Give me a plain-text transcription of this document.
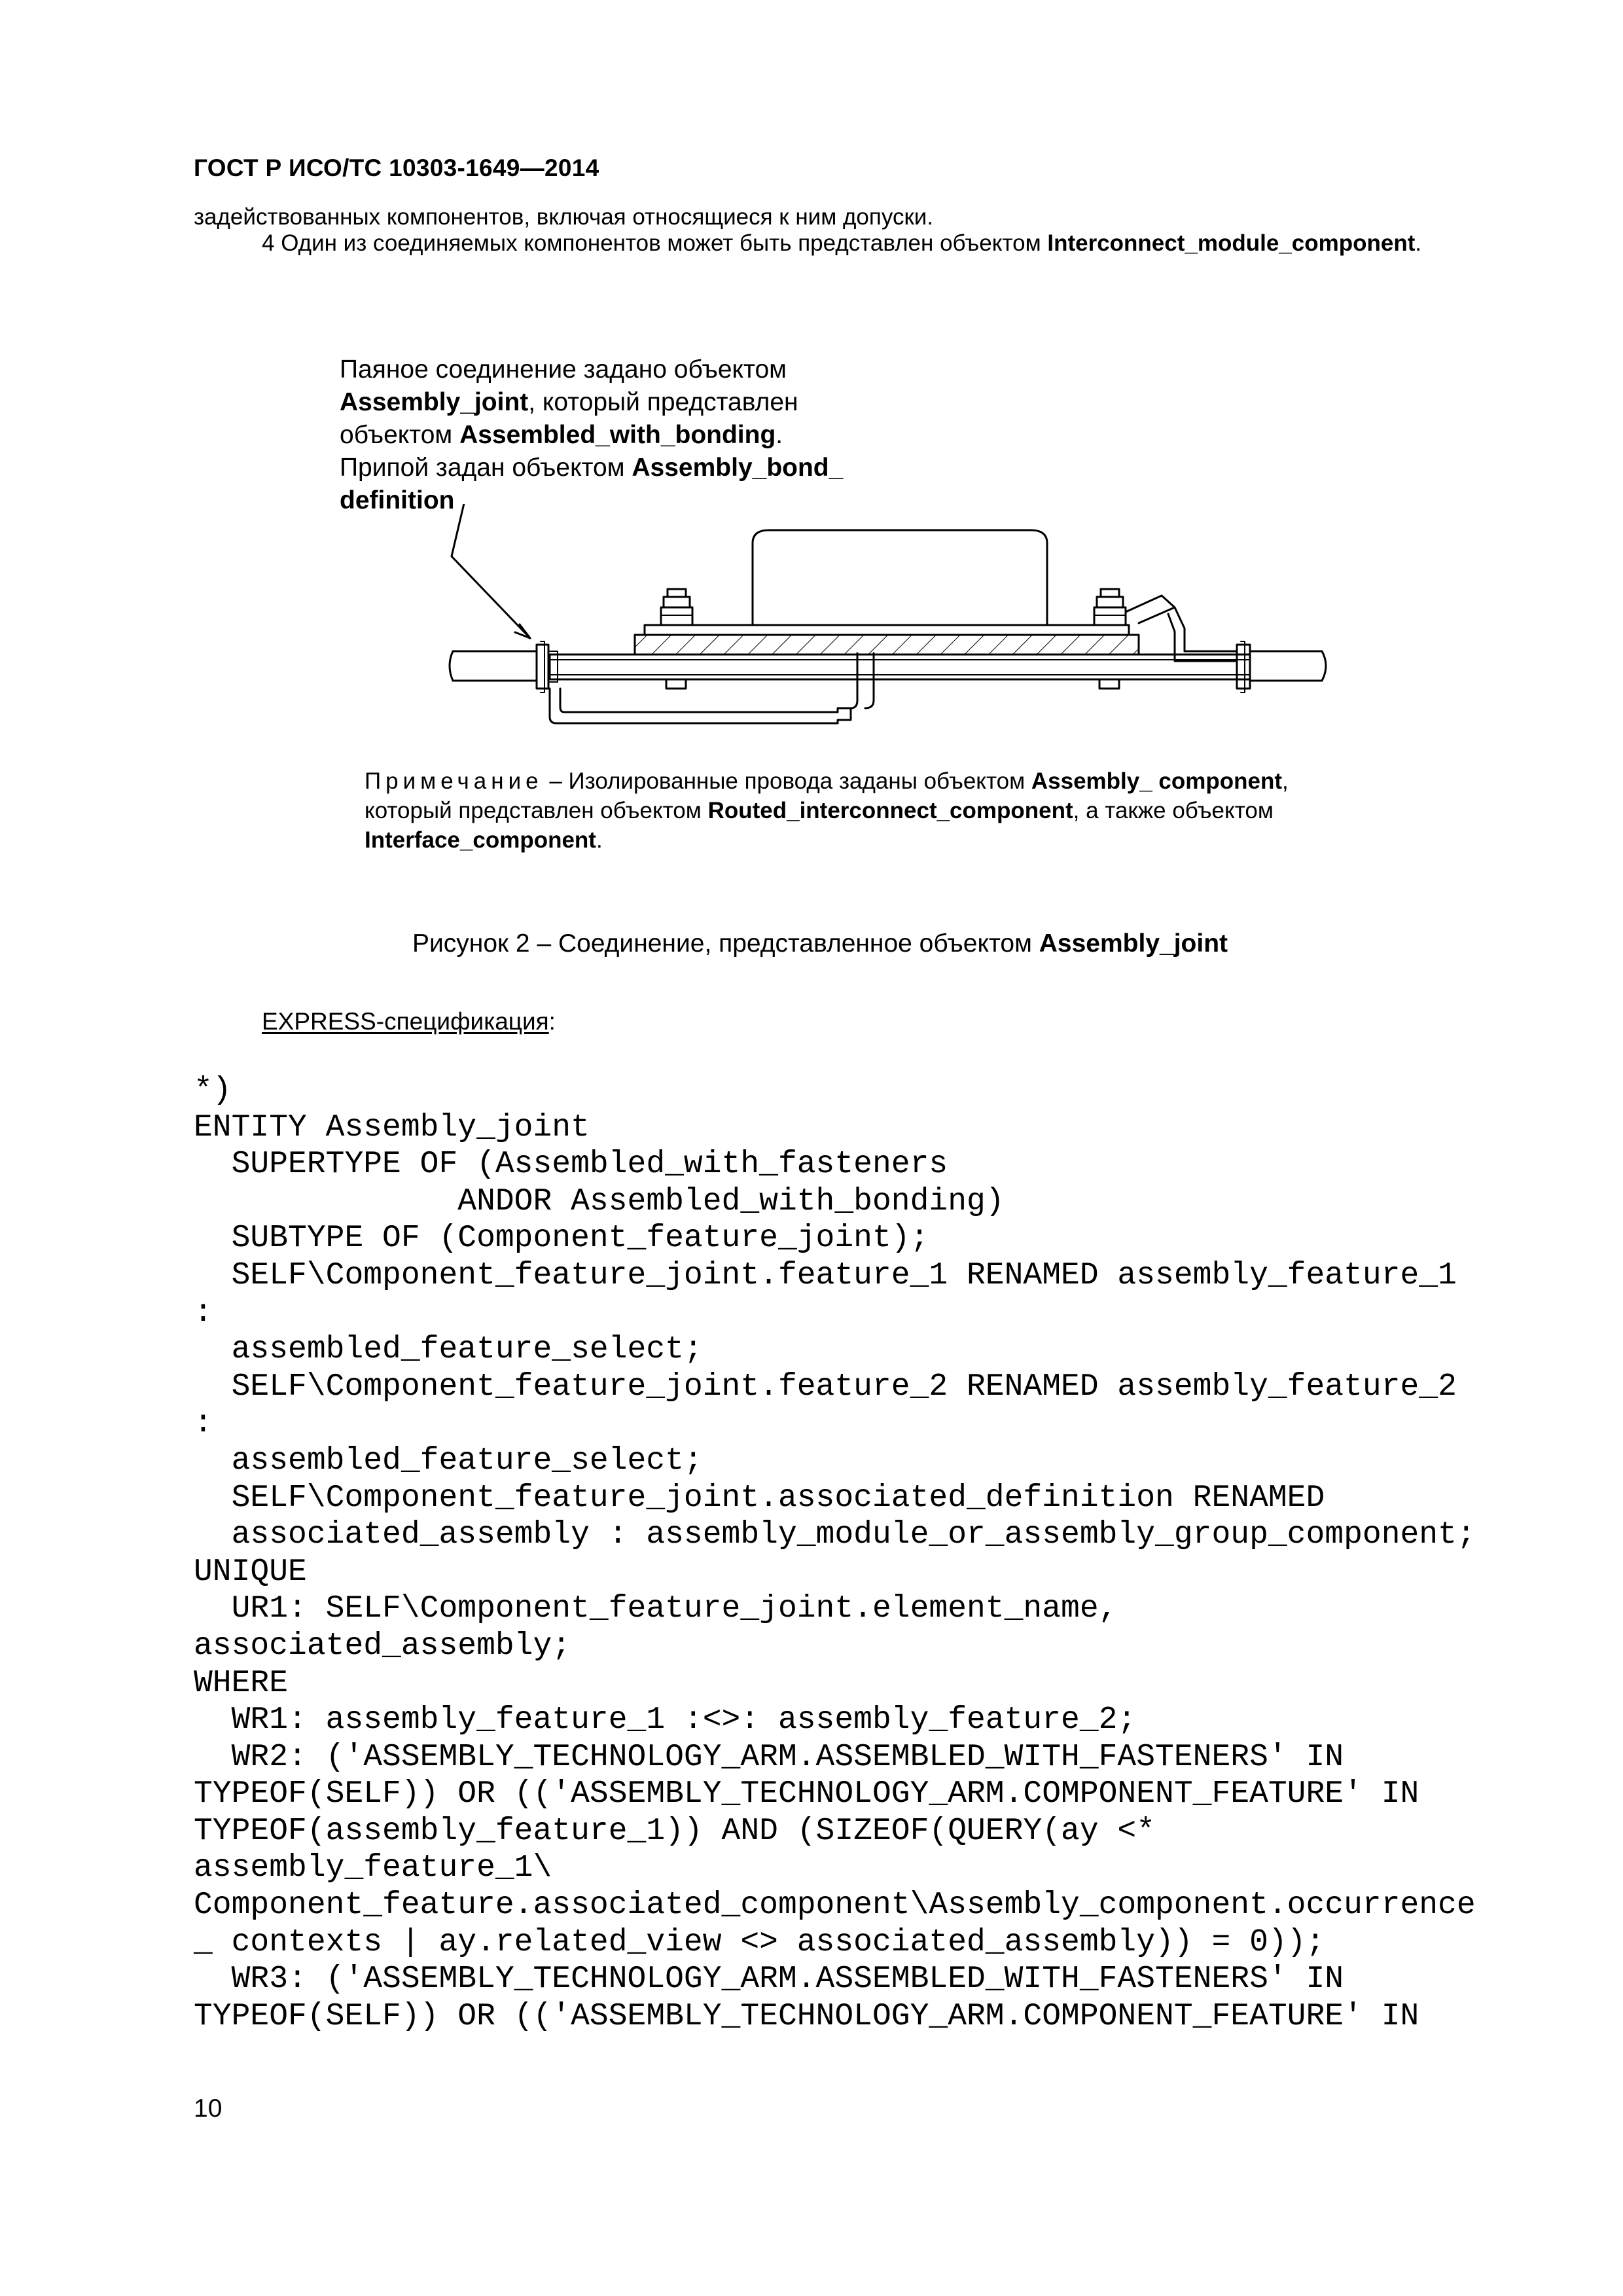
ГОСТ Р ИСО/ТС 10303-1649—2014
задействованных компонентов, включая относящиеся к ним допуски.
4 Один из соединяемых компонентов может быть представлен объектом Interconnect_module_component.
Паяное соединение задано объектом
Assembly_joint, который представлен
объектом Assembled_with_bonding.
Припой задан объектом Assembly_bond_
definition
Примечание – Изолированные провода заданы объектом Assembly_ component,
который представлен объектом Routed_interconnect_component, а также объектом
Interface_component.
Рисунок 2 – Соединение, представленное объектом Assembly_joint
EXPRESS-спецификация:
*)
ENTITY Assembly_joint
SUPERTYPE OF (Assembled_with_fasteners
ANDOR Assembled_with_bonding)
SUBTYPE OF (Component_feature_joint);
SELF\Component_feature_joint.feature_1 RENAMED assembly_feature_1
:
assembled_feature_select;
SELF\Component_feature_joint.feature_2 RENAMED assembly_feature_2
:
assembled_feature_select;
SELF\Component_feature_joint.associated_definition RENAMED
associated_assembly : assembly_module_or_assembly_group_component;
UNIQUE
UR1: SELF\Component_feature_joint.element_name,
associated_assembly;
WHERE
WR1: assembly_feature_1 :<>: assembly_feature_2;
WR2: ('ASSEMBLY_TECHNOLOGY_ARM.ASSEMBLED_WITH_FASTENERS' IN
TYPEOF(SELF)) OR (('ASSEMBLY_TECHNOLOGY_ARM.COMPONENT_FEATURE' IN
TYPEOF(assembly_feature_1)) AND (SIZEOF(QUERY(ay <*
assembly_feature_1\
Component_feature.associated_component\Assembly_component.occurrence
_ contexts | ay.related_view <> associated_assembly)) = 0));
WR3: ('ASSEMBLY_TECHNOLOGY_ARM.ASSEMBLED_WITH_FASTENERS' IN
TYPEOF(SELF)) OR (('ASSEMBLY_TECHNOLOGY_ARM.COMPONENT_FEATURE' IN
10
